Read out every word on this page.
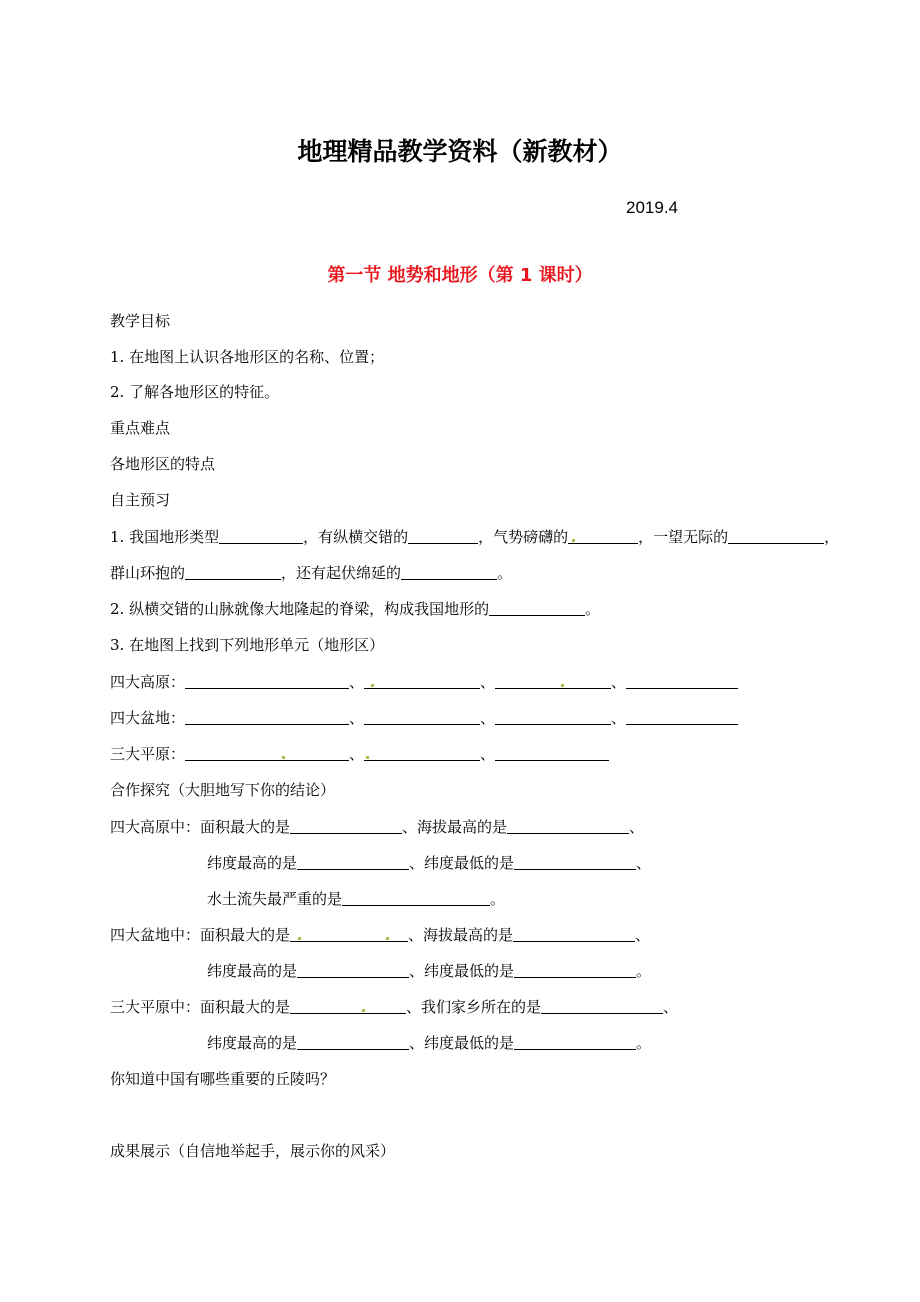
地理精品教学资料（新教材）
2019.4
第一节 地势和地形（第 1 课时）
教学目标
1. 在地图上认识各地形区的名称、位置；
2. 了解各地形区的特征。
重点难点
各地形区的特点
自主预习
1. 我国地形类型	，有纵横交错的	，气势磅礴的	，一望无际的	，
群山环抱的	，还有起伏绵延的	。
2. 纵横交错的山脉就像大地隆起的脊梁，构成我国地形的	。
3. 在地图上找到下列地形单元（地形区）
四大高原：	、	、	、
四大盆地：	、	、	、
三大平原：	、	、
合作探究（大胆地写下你的结论）
四大高原中：面积最大的是	、海拔最高的是	、
纬度最高的是	、纬度最低的是	、
水土流失最严重的是	。
四大盆地中：面积最大的是	、海拔最高的是	、
纬度最高的是	、纬度最低的是	。
三大平原中：面积最大的是	、我们家乡所在的是	、
纬度最高的是	、纬度最低的是	。
你知道中国有哪些重要的丘陵吗？
成果展示（自信地举起手，展示你的风采）
